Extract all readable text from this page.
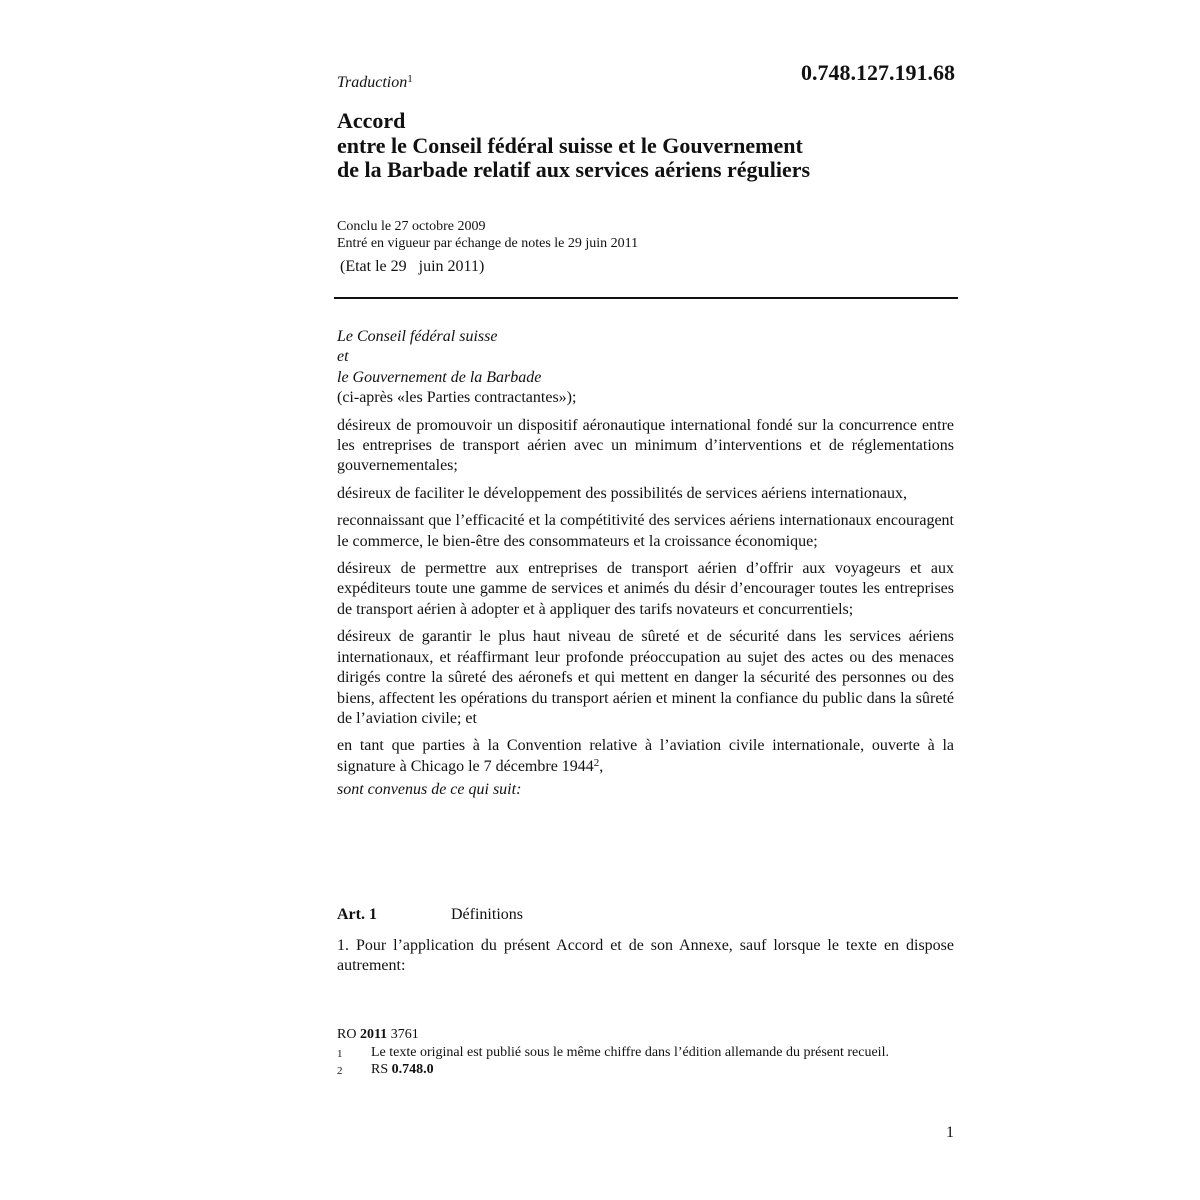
Traduction$^1$	0.748.127.191.68
Accord
entre le Conseil fédéral suisse et le Gouvernement
de la Barbade relatif aux services aériens réguliers
Conclu le 27 octobre 2009
Entré en vigueur par échange de notes le 29 juin 2011
(Etat le 29   juin 2011)
Le Conseil fédéral suisse
et
le Gouvernement de la Barbade
(ci-après «les Parties contractantes»);
désireux de promouvoir un dispositif aéronautique international fondé sur la concurrence entre les entreprises de transport aérien avec un minimum d’interventions et de réglementations gouvernementales;
désireux de faciliter le développement des possibilités de services aériens internationaux,
reconnaissant que l’efficacité et la compétitivité des services aériens internationaux encouragent le commerce, le bien-être des consommateurs et la croissance économique;
désireux de permettre aux entreprises de transport aérien d’offrir aux voyageurs et aux expéditeurs toute une gamme de services et animés du désir d’encourager toutes les entreprises de transport aérien à adopter et à appliquer des tarifs novateurs et concurrentiels;
désireux de garantir le plus haut niveau de sûreté et de sécurité dans les services aériens internationaux, et réaffirmant leur profonde préoccupation au sujet des actes ou des menaces dirigés contre la sûreté des aéronefs et qui mettent en danger la sécurité des personnes ou des biens, affectent les opérations du transport aérien et minent la confiance du public dans la sûreté de l’aviation civile; et
en tant que parties à la Convention relative à l’aviation civile internationale, ouverte à la signature à Chicago le 7 décembre 1944$^2$,
sont convenus de ce qui suit:
Art. 1	Définitions
1. Pour l’application du présent Accord et de son Annexe, sauf lorsque le texte en dispose autrement:
RO 2011 3761
1	Le texte original est publié sous le même chiffre dans l’édition allemande du présent recueil.
2	RS 0.748.0
1
